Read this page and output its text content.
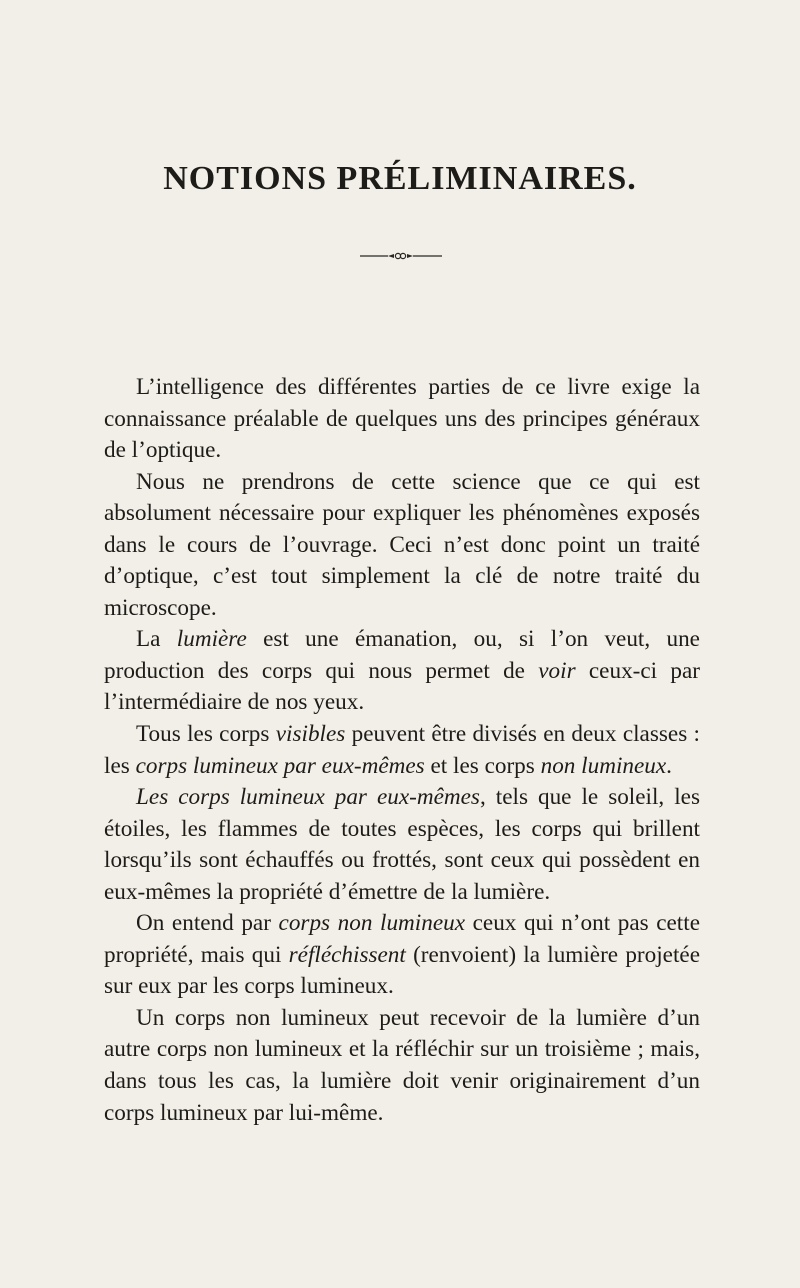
NOTIONS PRÉLIMINAIRES.

L’intelligence des différentes parties de ce livre exige la connaissance préalable de quelques uns des principes généraux de l’optique.

Nous ne prendrons de cette science que ce qui est absolument nécessaire pour expliquer les phénomènes exposés dans le cours de l’ouvrage. Ceci n’est donc point un traité d’optique, c’est tout simplement la clé de notre traité du microscope.

La lumière est une émanation, ou, si l’on veut, une production des corps qui nous permet de voir ceux-ci par l’intermédiaire de nos yeux.

Tous les corps visibles peuvent être divisés en deux classes : les corps lumineux par eux-mêmes et les corps non lumineux.

Les corps lumineux par eux-mêmes, tels que le soleil, les étoiles, les flammes de toutes espèces, les corps qui brillent lorsqu’ils sont échauffés ou frottés, sont ceux qui possèdent en eux-mêmes la propriété d’émettre de la lumière.

On entend par corps non lumineux ceux qui n’ont pas cette propriété, mais qui réfléchissent (renvoient) la lumière projetée sur eux par les corps lumineux.

Un corps non lumineux peut recevoir de la lumière d’un autre corps non lumineux et la réfléchir sur un troisième ; mais, dans tous les cas, la lumière doit venir originairement d’un corps lumineux par lui-même.
